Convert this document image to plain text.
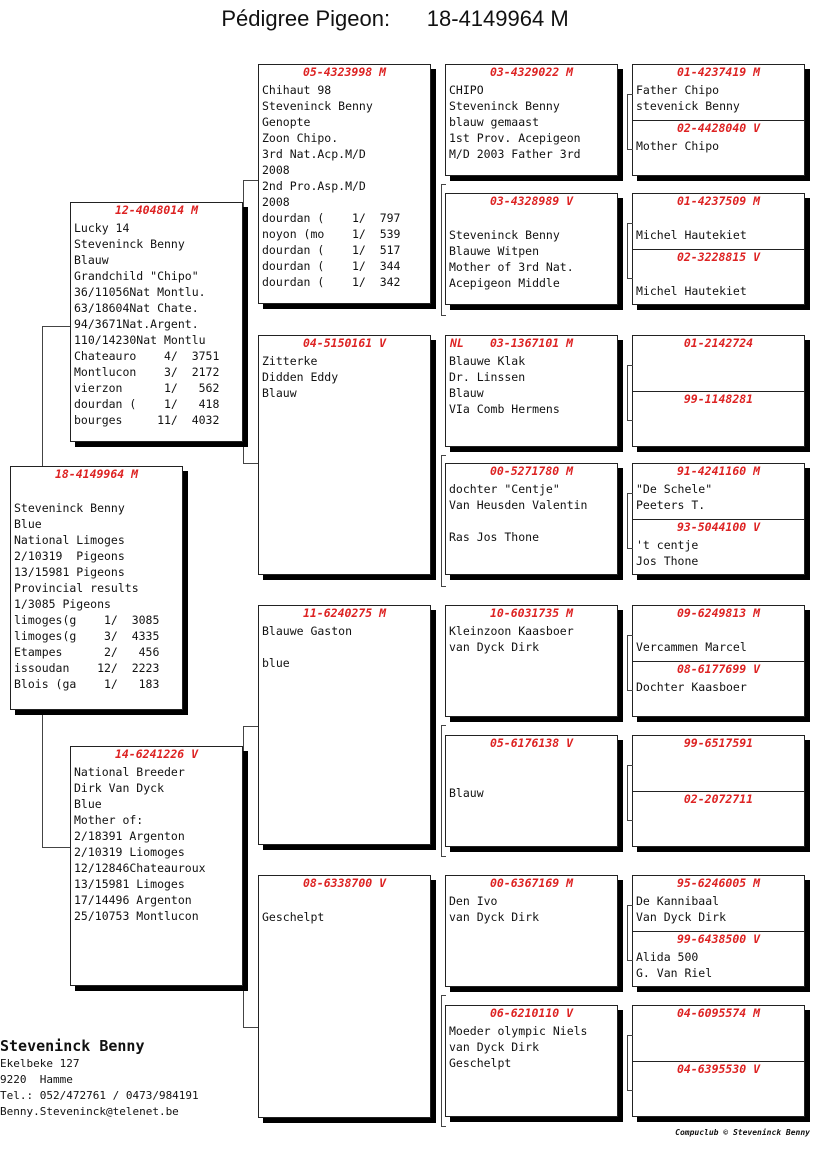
Pédigree Pigeon:      18-4149964 M
18-4149964 M
Steveninck Benny
Blue
National Limoges
2/10319  Pigeons
13/15981 Pigeons
Provincial results
1/3085 Pigeons
limoges(g    1/  3085
limoges(g    3/  4335
Etampes      2/   456
issoudan    12/  2223
Blois (ga    1/   183
12-4048014 M
Lucky 14
Steveninck Benny
Blauw
Grandchild "Chipo"
36/11056Nat Montlu.
63/18604Nat Chate.
94/3671Nat.Argent.
110/14230Nat Montlu
Chateauro    4/  3751
Montlucon    3/  2172
vierzon      1/   562
dourdan (    1/   418
bourges     11/  4032
14-6241226 V
National Breeder
Dirk Van Dyck
Blue
Mother of:
2/18391 Argenton
2/10319 Liomoges
12/12846Chateauroux
13/15981 Limoges
17/14496 Argenton
25/10753 Montlucon
05-4323998 M
Chihaut 98
Steveninck Benny
Genopte
Zoon Chipo.
3rd Nat.Acp.M/D
2008
2nd Pro.Asp.M/D
2008
dourdan (    1/  797
noyon (mo    1/  539
dourdan (    1/  517
dourdan (    1/  344
dourdan (    1/  342
04-5150161 V
Zitterke
Didden Eddy
Blauw
11-6240275 M
Blauwe Gaston
blue
08-6338700 V
Geschelpt
03-4329022 M
CHIPO
Steveninck Benny
blauw gemaast
1st Prov. Acepigeon
M/D 2003 Father 3rd
03-4328989 V
Steveninck Benny
Blauwe Witpen
Mother of 3rd Nat.
Acepigeon Middle
NL 03-1367101 M
Blauwe Klak
Dr. Linssen
Blauw
VIa Comb Hermens
00-5271780 M
dochter "Centje"
Van Heusden Valentin
Ras Jos Thone
10-6031735 M
Kleinzoon Kaasboer
van Dyck Dirk
05-6176138 V
Blauw
00-6367169 M
Den Ivo
van Dyck Dirk
06-6210110 V
Moeder olympic Niels
van Dyck Dirk
Geschelpt
01-4237419 M
Father Chipo
stevenick Benny
02-4428040 V
Mother Chipo
01-4237509 M
Michel Hautekiet
02-3228815 V
Michel Hautekiet
01-2142724
99-1148281
91-4241160 M
"De Schele"
Peeters T.
93-5044100 V
't centje
Jos Thone
09-6249813 M
Vercammen Marcel
08-6177699 V
Dochter Kaasboer
99-6517591
02-2072711
95-6246005 M
De Kannibaal
Van Dyck Dirk
99-6438500 V
Alida 500
G. Van Riel
04-6095574 M
04-6395530 V
Steveninck Benny
Ekelbeke 127
9220  Hamme
Tel.: 052/472761 / 0473/984191
Benny.Steveninck@telenet.be
Compuclub © Steveninck Benny
